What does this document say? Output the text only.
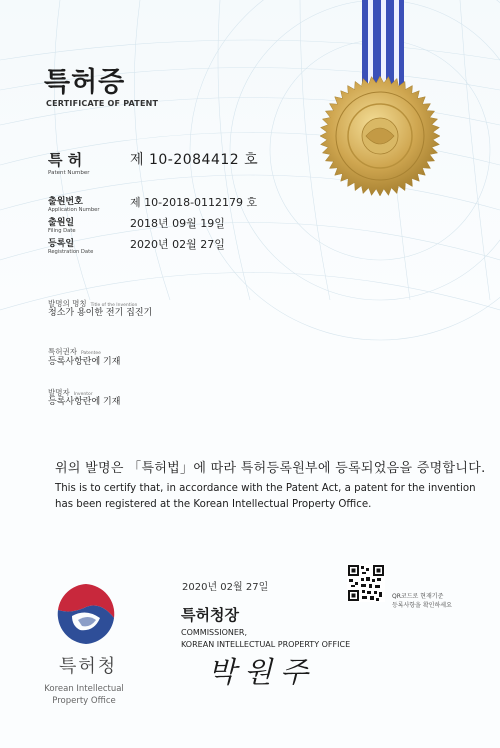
특허증
CERTIFICATE OF PATENT
특 허
Patent Number
제 10-2084412 호
출원번호
Application Number
제 10-2018-0112179 호
출원일
Filing Date
2018년 09월 19일
등록일
Registration Date
2020년 02월 27일
발명의 명칭 Title of the Invention
청소가 용이한 전기 집진기
특허권자 Patentee
등록사항란에 기재
발명자 Inventor
등록사항란에 기재
위의 발명은 「특허법」에 따라 특허등록원부에 등록되었음을 증명합니다.
This is to certify that, in accordance with the Patent Act, a patent for the invention
has been registered at the Korean Intellectual Property Office.
2020년 02월 27일
QR코드로 현재기준
등록사항을 확인하세요
특허청장
COMMISSIONER,
KOREAN INTELLECTUAL PROPERTY OFFICE
박원주
특허청
Korean Intellectual
Property Office
